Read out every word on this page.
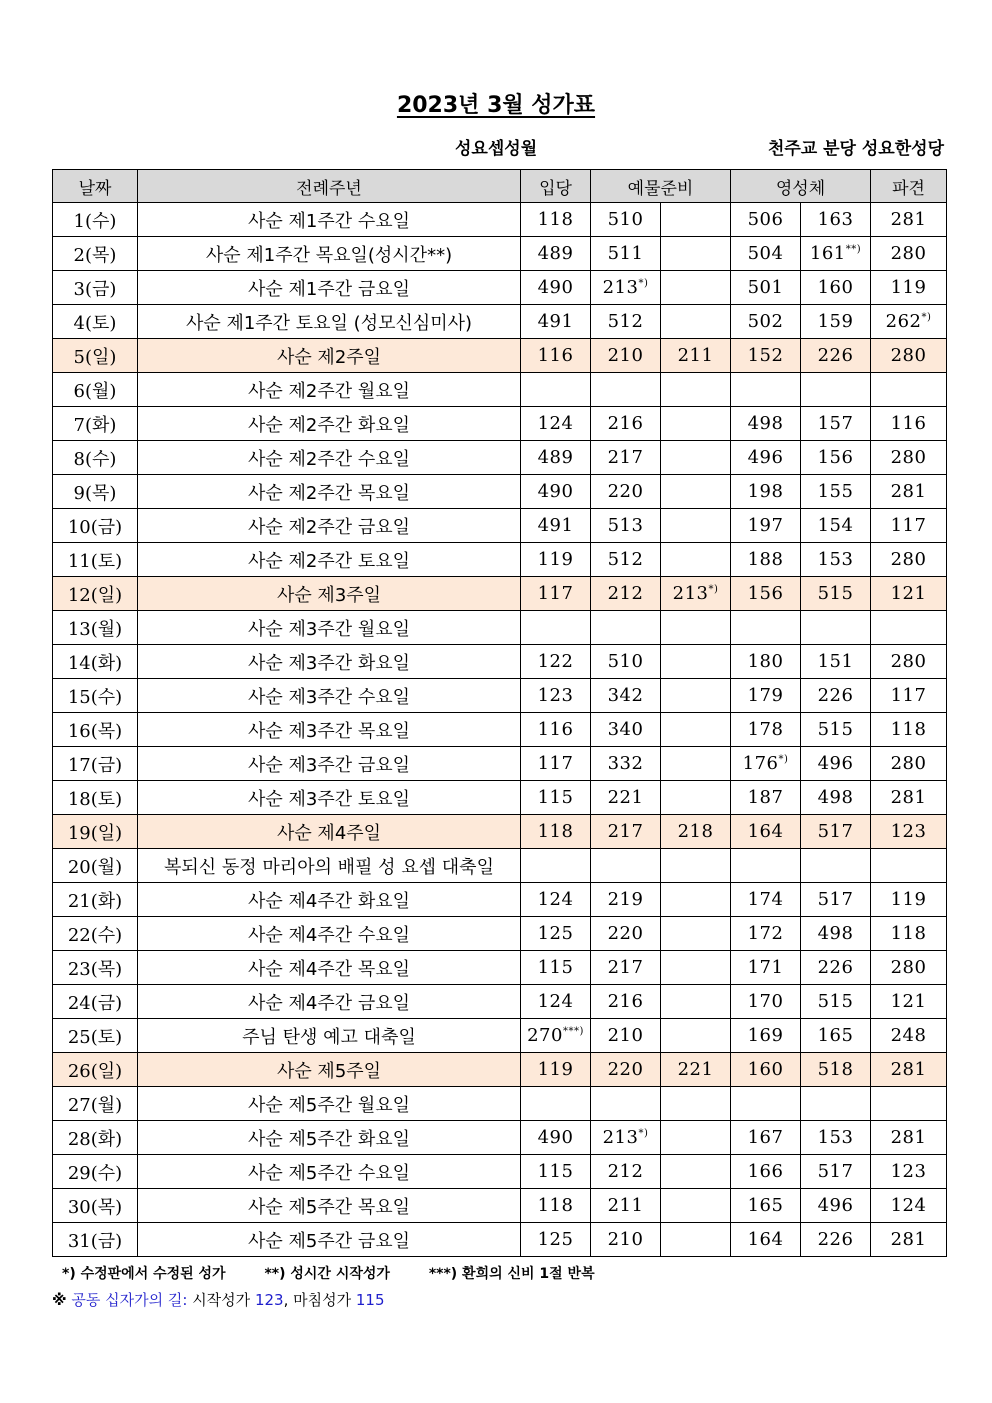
2023년 3월 성가표
성요셉성월	천주교 분당 성요한성당
날짜	전례주년	입당	예물준비		영성체		파견
1(수)	사순 제1주간 수요일	118	510		506	163	281
2(목)	사순 제1주간 목요일(성시간**)	489	511		504	161**)	280
3(금)	사순 제1주간 금요일	490	213*)		501	160	119
4(토)	사순 제1주간 토요일 (성모신심미사)	491	512		502	159	262*)
5(일)	사순 제2주일	116	210	211	152	226	280
6(월)	사순 제2주간 월요일						
7(화)	사순 제2주간 화요일	124	216		498	157	116
8(수)	사순 제2주간 수요일	489	217		496	156	280
9(목)	사순 제2주간 목요일	490	220		198	155	281
10(금)	사순 제2주간 금요일	491	513		197	154	117
11(토)	사순 제2주간 토요일	119	512		188	153	280
12(일)	사순 제3주일	117	212	213*)	156	515	121
13(월)	사순 제3주간 월요일						
14(화)	사순 제3주간 화요일	122	510		180	151	280
15(수)	사순 제3주간 수요일	123	342		179	226	117
16(목)	사순 제3주간 목요일	116	340		178	515	118
17(금)	사순 제3주간 금요일	117	332		176*)	496	280
18(토)	사순 제3주간 토요일	115	221		187	498	281
19(일)	사순 제4주일	118	217	218	164	517	123
20(월)	복되신 동정 마리아의 배필 성 요셉 대축일						
21(화)	사순 제4주간 화요일	124	219		174	517	119
22(수)	사순 제4주간 수요일	125	220		172	498	118
23(목)	사순 제4주간 목요일	115	217		171	226	280
24(금)	사순 제4주간 금요일	124	216		170	515	121
25(토)	주님 탄생 예고 대축일	270***)	210		169	165	248
26(일)	사순 제5주일	119	220	221	160	518	281
27(월)	사순 제5주간 월요일						
28(화)	사순 제5주간 화요일	490	213*)		167	153	281
29(수)	사순 제5주간 수요일	115	212		166	517	123
30(목)	사순 제5주간 목요일	118	211		165	496	124
31(금)	사순 제5주간 금요일	125	210		164	226	281
*) 수정판에서 수정된 성가	**) 성시간 시작성가	***) 환희의 신비 1절 반복
※ 공동 십자가의 길: 시작성가 123, 마침성가 115
